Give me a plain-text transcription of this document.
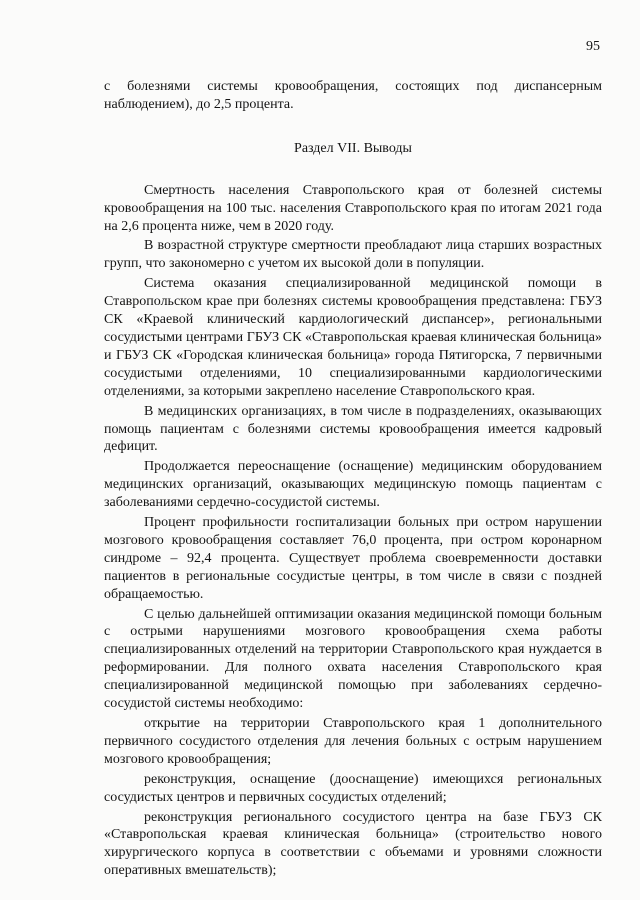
95

с болезнями системы кровообращения, состоящих под диспансерным наблюдением), до 2,5 процента.

Раздел VII. Выводы

Смертность населения Ставропольского края от болезней системы кровообращения на 100 тыс. населения Ставропольского края по итогам 2021 года на 2,6 процента ниже, чем в 2020 году.

В возрастной структуре смертности преобладают лица старших возрастных групп, что закономерно с учетом их высокой доли в популяции.

Система оказания специализированной медицинской помощи в Ставропольском крае при болезнях системы кровообращения представлена: ГБУЗ СК «Краевой клинический кардиологический диспансер», региональными сосудистыми центрами ГБУЗ СК «Ставропольская краевая клиническая больница» и ГБУЗ СК «Городская клиническая больница» города Пятигорска, 7 первичными сосудистыми отделениями, 10 специализированными кардиологическими отделениями, за которыми закреплено население Ставропольского края.

В медицинских организациях, в том числе в подразделениях, оказывающих помощь пациентам с болезнями системы кровообращения имеется кадровый дефицит.

Продолжается переоснащение (оснащение) медицинским оборудованием медицинских организаций, оказывающих медицинскую помощь пациентам с заболеваниями сердечно-сосудистой системы.

Процент профильности госпитализации больных при остром нарушении мозгового кровообращения составляет 76,0 процента, при остром коронарном синдроме – 92,4 процента. Существует проблема своевременности доставки пациентов в региональные сосудистые центры, в том числе в связи с поздней обращаемостью.

С целью дальнейшей оптимизации оказания медицинской помощи больным с острыми нарушениями мозгового кровообращения схема работы специализированных отделений на территории Ставропольского края нуждается в реформировании. Для полного охвата населения Ставропольского края специализированной медицинской помощью при заболеваниях сердечно-сосудистой системы необходимо:

открытие на территории Ставропольского края 1 дополнительного первичного сосудистого отделения для лечения больных с острым нарушением мозгового кровообращения;

реконструкция, оснащение (дооснащение) имеющихся региональных сосудистых центров и первичных сосудистых отделений;

реконструкция регионального сосудистого центра на базе ГБУЗ СК «Ставропольская краевая клиническая больница» (строительство нового хирургического корпуса в соответствии с объемами и уровнями сложности оперативных вмешательств);
